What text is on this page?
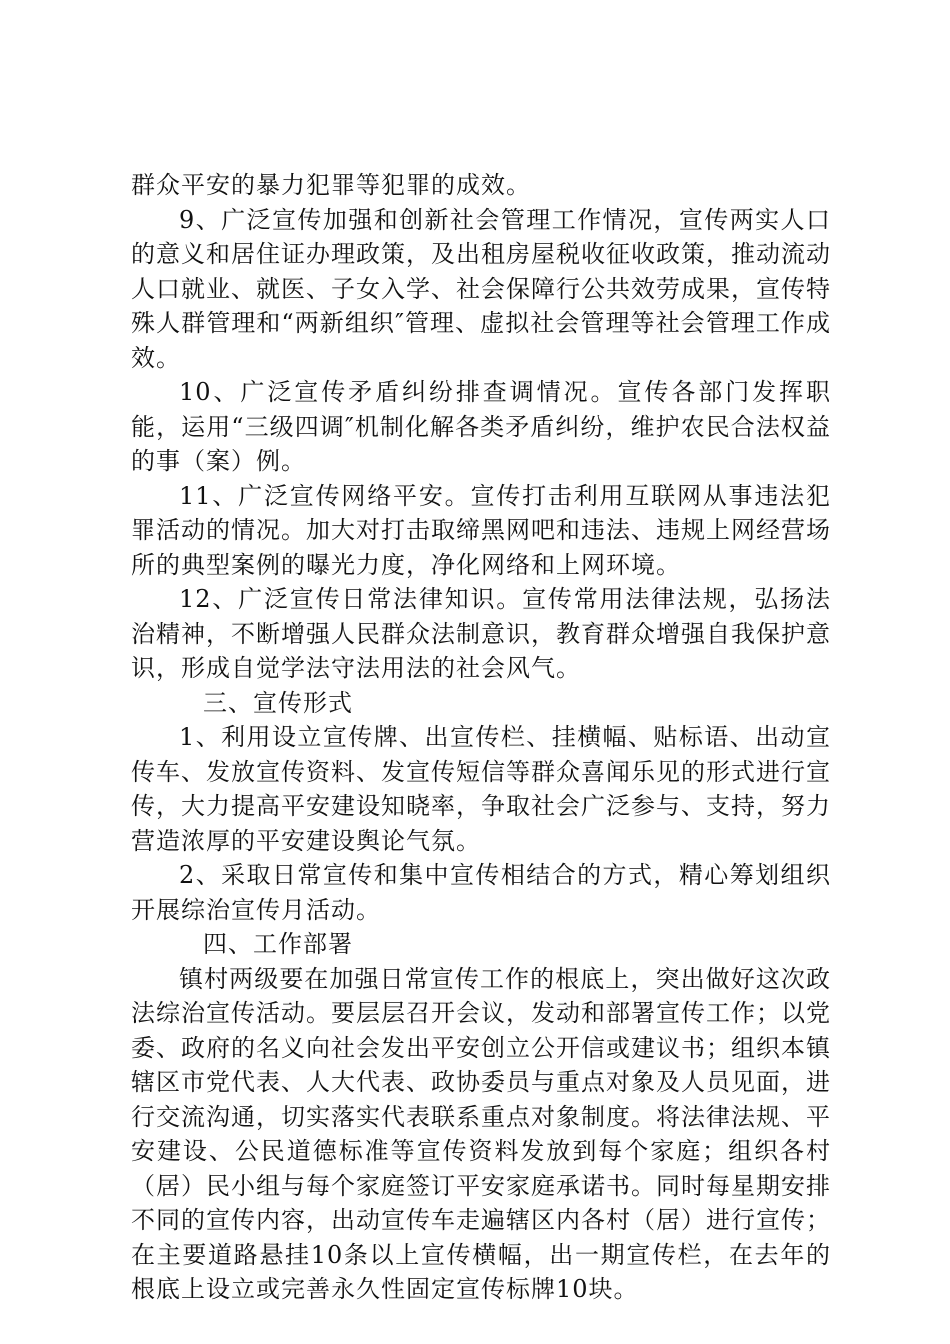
群众平安的暴力犯罪等犯罪的成效。

9、广泛宣传加强和创新社会管理工作情况，宣传两实人口的意义和居住证办理政策，及出租房屋税收征收政策，推动流动人口就业、就医、子女入学、社会保障行公共效劳成果，宣传特殊人群管理和“两新组织″管理、虚拟社会管理等社会管理工作成效。

10、广泛宣传矛盾纠纷排查调情况。宣传各部门发挥职能，运用“三级四调″机制化解各类矛盾纠纷，维护农民合法权益的事（案）例。

11、广泛宣传网络平安。宣传打击利用互联网从事违法犯罪活动的情况。加大对打击取缔黑网吧和违法、违规上网经营场所的典型案例的曝光力度，净化网络和上网环境。

12、广泛宣传日常法律知识。宣传常用法律法规，弘扬法治精神，不断增强人民群众法制意识，教育群众增强自我保护意识，形成自觉学法守法用法的社会风气。

三、宣传形式

1、利用设立宣传牌、出宣传栏、挂横幅、贴标语、出动宣传车、发放宣传资料、发宣传短信等群众喜闻乐见的形式进行宣传，大力提高平安建设知晓率，争取社会广泛参与、支持，努力营造浓厚的平安建设舆论气氛。

2、采取日常宣传和集中宣传相结合的方式，精心筹划组织开展综治宣传月活动。

四、工作部署

镇村两级要在加强日常宣传工作的根底上，突出做好这次政法综治宣传活动。要层层召开会议，发动和部署宣传工作；以党委、政府的名义向社会发出平安创立公开信或建议书；组织本镇辖区市党代表、人大代表、政协委员与重点对象及人员见面，进行交流沟通，切实落实代表联系重点对象制度。将法律法规、平安建设、公民道德标准等宣传资料发放到每个家庭；组织各村（居）民小组与每个家庭签订平安家庭承诺书。同时每星期安排不同的宣传内容，出动宣传车走遍辖区内各村（居）进行宣传；在主要道路悬挂10条以上宣传横幅，出一期宣传栏，在去年的根底上设立或完善永久性固定宣传标牌10块。
